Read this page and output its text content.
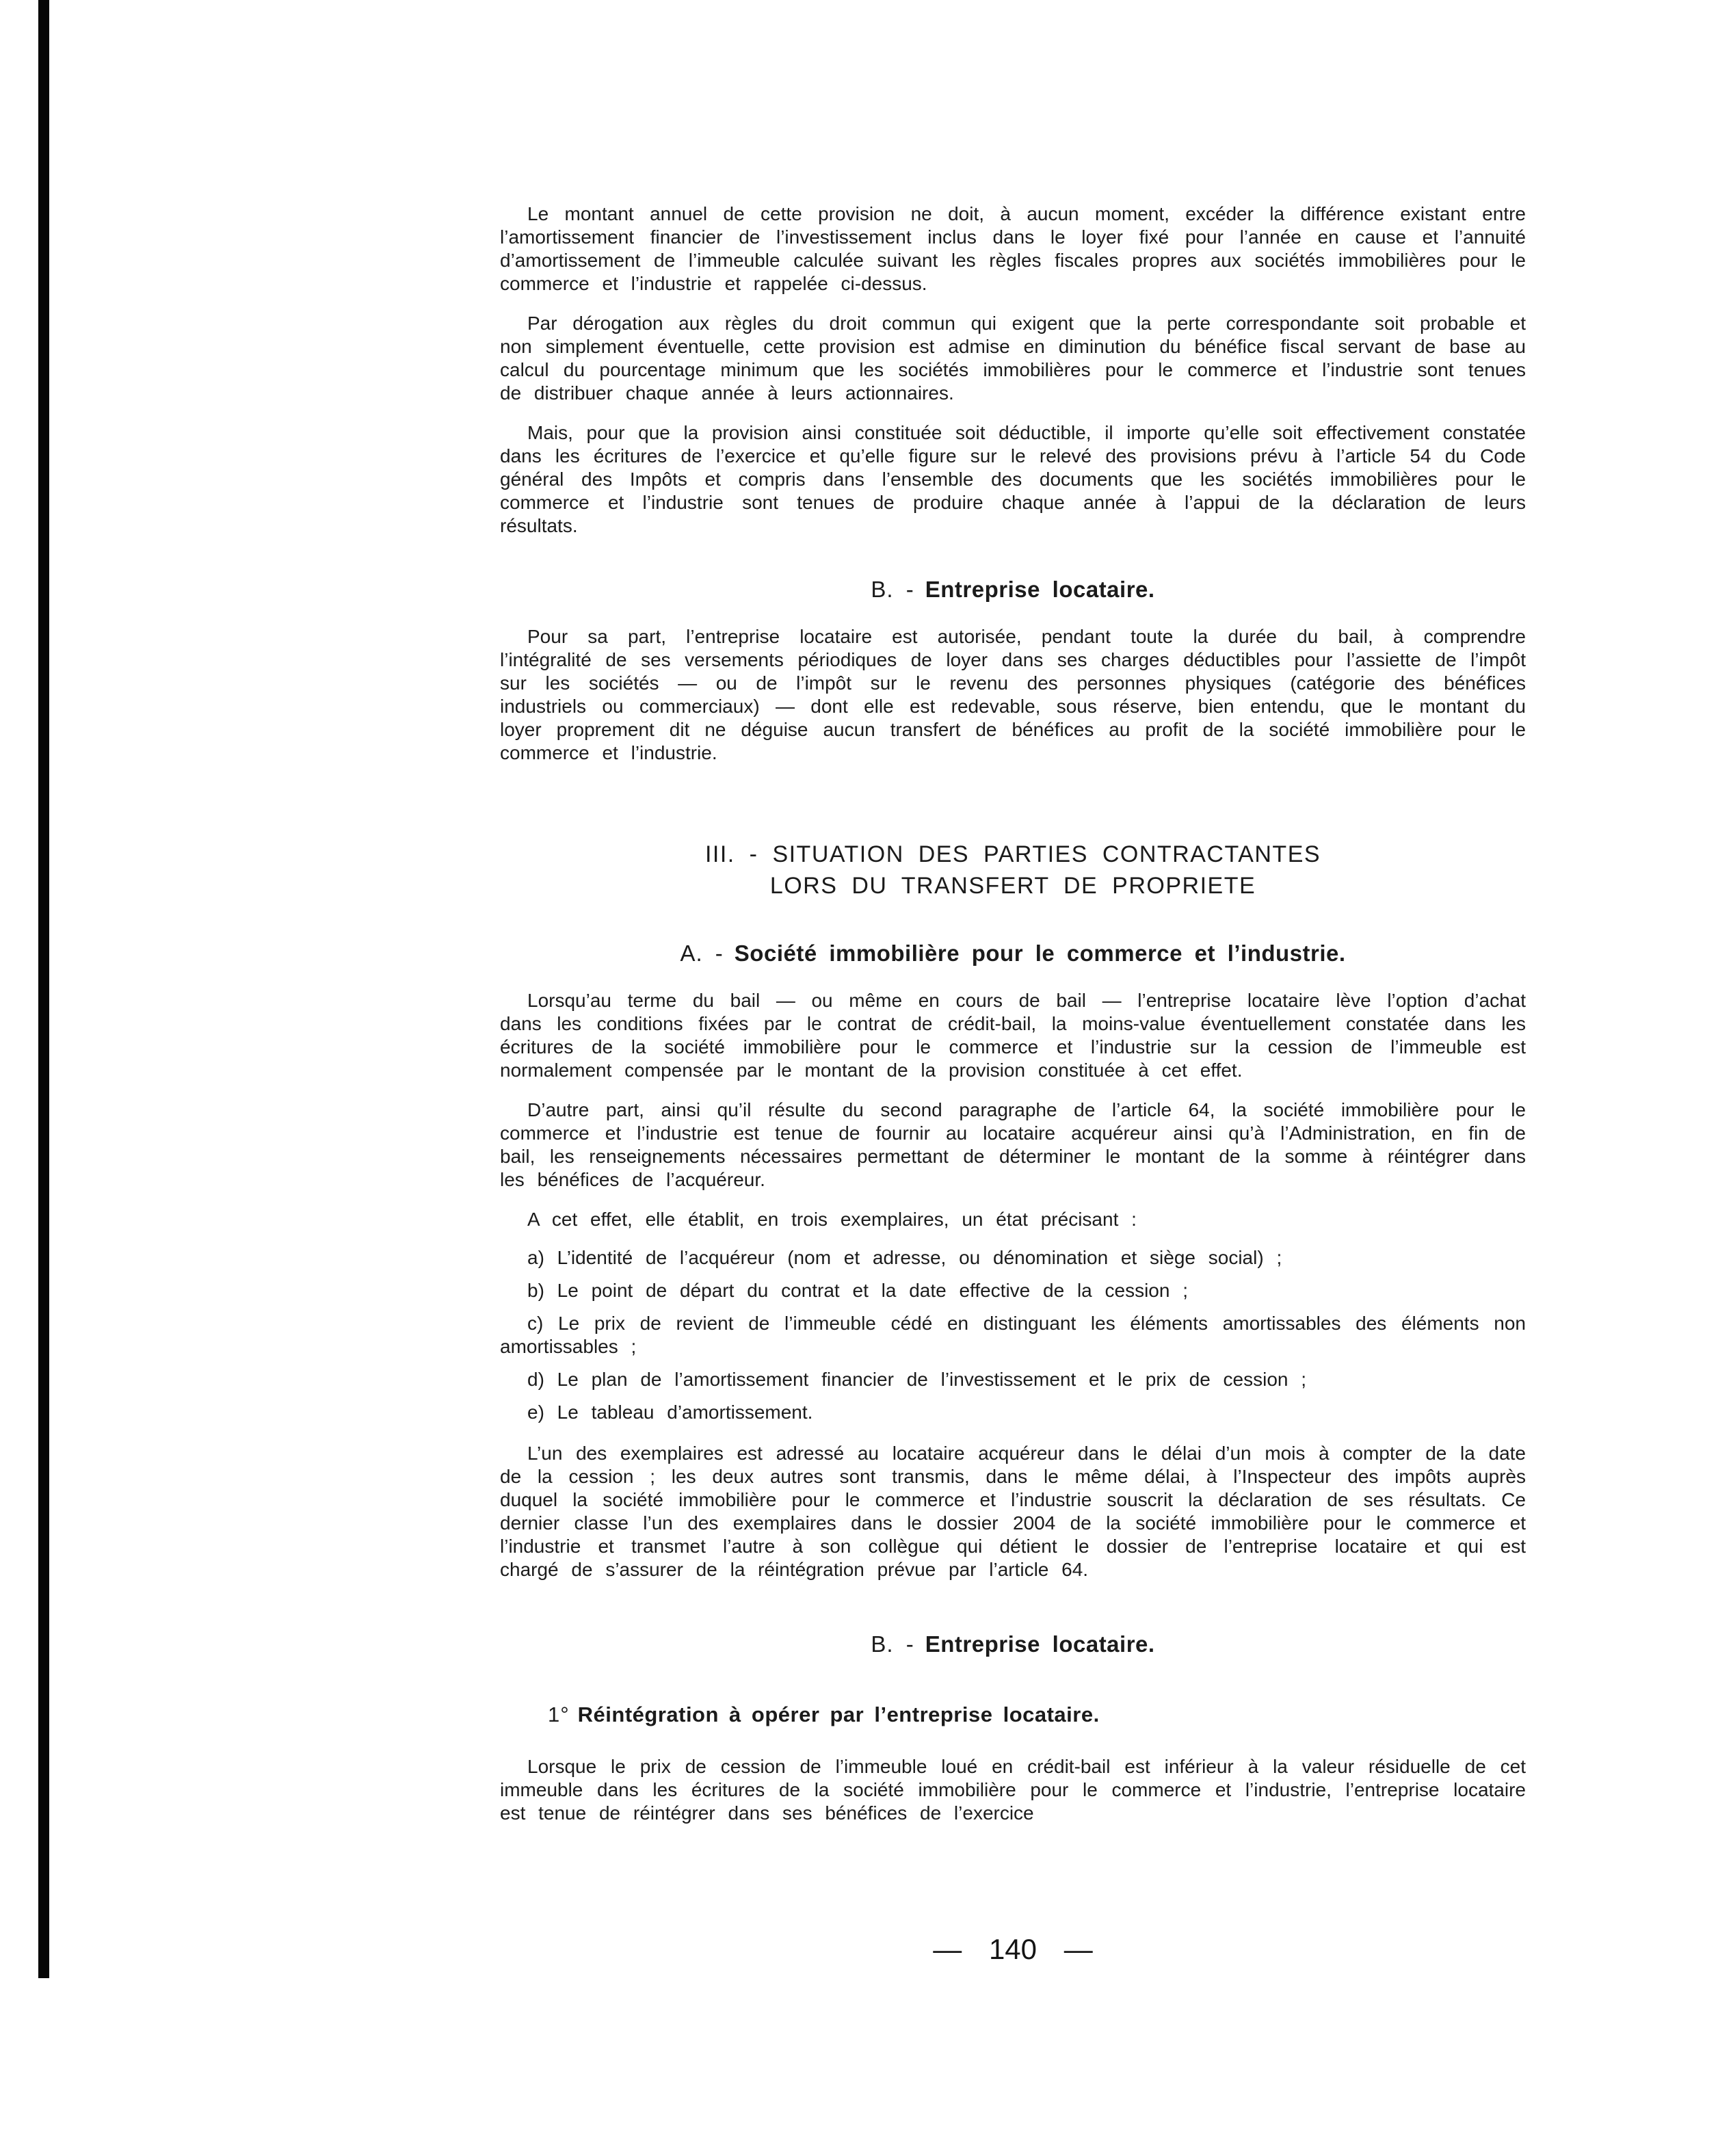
Le montant annuel de cette provision ne doit, à aucun moment, excéder la différence existant entre l’amortissement financier de l’investissement inclus dans le loyer fixé pour l’année en cause et l’annuité d’amortissement de l’immeuble calculée suivant les règles fiscales propres aux sociétés immobilières pour le commerce et l’industrie et rappelée ci-dessus.

Par dérogation aux règles du droit commun qui exigent que la perte correspondante soit probable et non simplement éventuelle, cette provision est admise en diminution du bénéfice fiscal servant de base au calcul du pourcentage minimum que les sociétés immobilières pour le commerce et l’industrie sont tenues de distribuer chaque année à leurs actionnaires.

Mais, pour que la provision ainsi constituée soit déductible, il importe qu’elle soit effectivement constatée dans les écritures de l’exercice et qu’elle figure sur le relevé des provisions prévu à l’article 54 du Code général des Impôts et compris dans l’ensemble des documents que les sociétés immobilières pour le commerce et l’industrie sont tenues de produire chaque année à l’appui de la déclaration de leurs résultats.

B. - Entreprise locataire.

Pour sa part, l’entreprise locataire est autorisée, pendant toute la durée du bail, à comprendre l’intégralité de ses versements périodiques de loyer dans ses charges déductibles pour l’assiette de l’impôt sur les sociétés — ou de l’impôt sur le revenu des personnes physiques (catégorie des bénéfices industriels ou commerciaux) — dont elle est redevable, sous réserve, bien entendu, que le montant du loyer proprement dit ne déguise aucun transfert de bénéfices au profit de la société immobilière pour le commerce et l’industrie.

III. - SITUATION DES PARTIES CONTRACTANTES
LORS DU TRANSFERT DE PROPRIETE
A. - Société immobilière pour le commerce et l’industrie.

Lorsqu’au terme du bail — ou même en cours de bail — l’entreprise locataire lève l’option d’achat dans les conditions fixées par le contrat de crédit-bail, la moins-value éventuellement constatée dans les écritures de la société immobilière pour le commerce et l’industrie sur la cession de l’immeuble est normalement compensée par le montant de la provision constituée à cet effet.

D’autre part, ainsi qu’il résulte du second paragraphe de l’article 64, la société immobilière pour le commerce et l’industrie est tenue de fournir au locataire acquéreur ainsi qu’à l’Administration, en fin de bail, les renseignements nécessaires permettant de déterminer le montant de la somme à réintégrer dans les bénéfices de l’acquéreur.

A cet effet, elle établit, en trois exemplaires, un état précisant :

a) L’identité de l’acquéreur (nom et adresse, ou dénomination et siège social) ;

b) Le point de départ du contrat et la date effective de la cession ;

c) Le prix de revient de l’immeuble cédé en distinguant les éléments amortissables des éléments non amortissables ;

d) Le plan de l’amortissement financier de l’investissement et le prix de cession ;

e) Le tableau d’amortissement.

L’un des exemplaires est adressé au locataire acquéreur dans le délai d’un mois à compter de la date de la cession ; les deux autres sont transmis, dans le même délai, à l’Inspecteur des impôts auprès duquel la société immobilière pour le commerce et l’industrie souscrit la déclaration de ses résultats. Ce dernier classe l’un des exemplaires dans le dossier 2004 de la société immobilière pour le commerce et l’industrie et transmet l’autre à son collègue qui détient le dossier de l’entreprise locataire et qui est chargé de s’assurer de la réintégration prévue par l’article 64.

B. - Entreprise locataire.
1° Réintégration à opérer par l’entreprise locataire.

Lorsque le prix de cession de l’immeuble loué en crédit-bail est inférieur à la valeur résiduelle de cet immeuble dans les écritures de la société immobilière pour le commerce et l’industrie, l’entreprise locataire est tenue de réintégrer dans ses bénéfices de l’exercice

— 140 —
